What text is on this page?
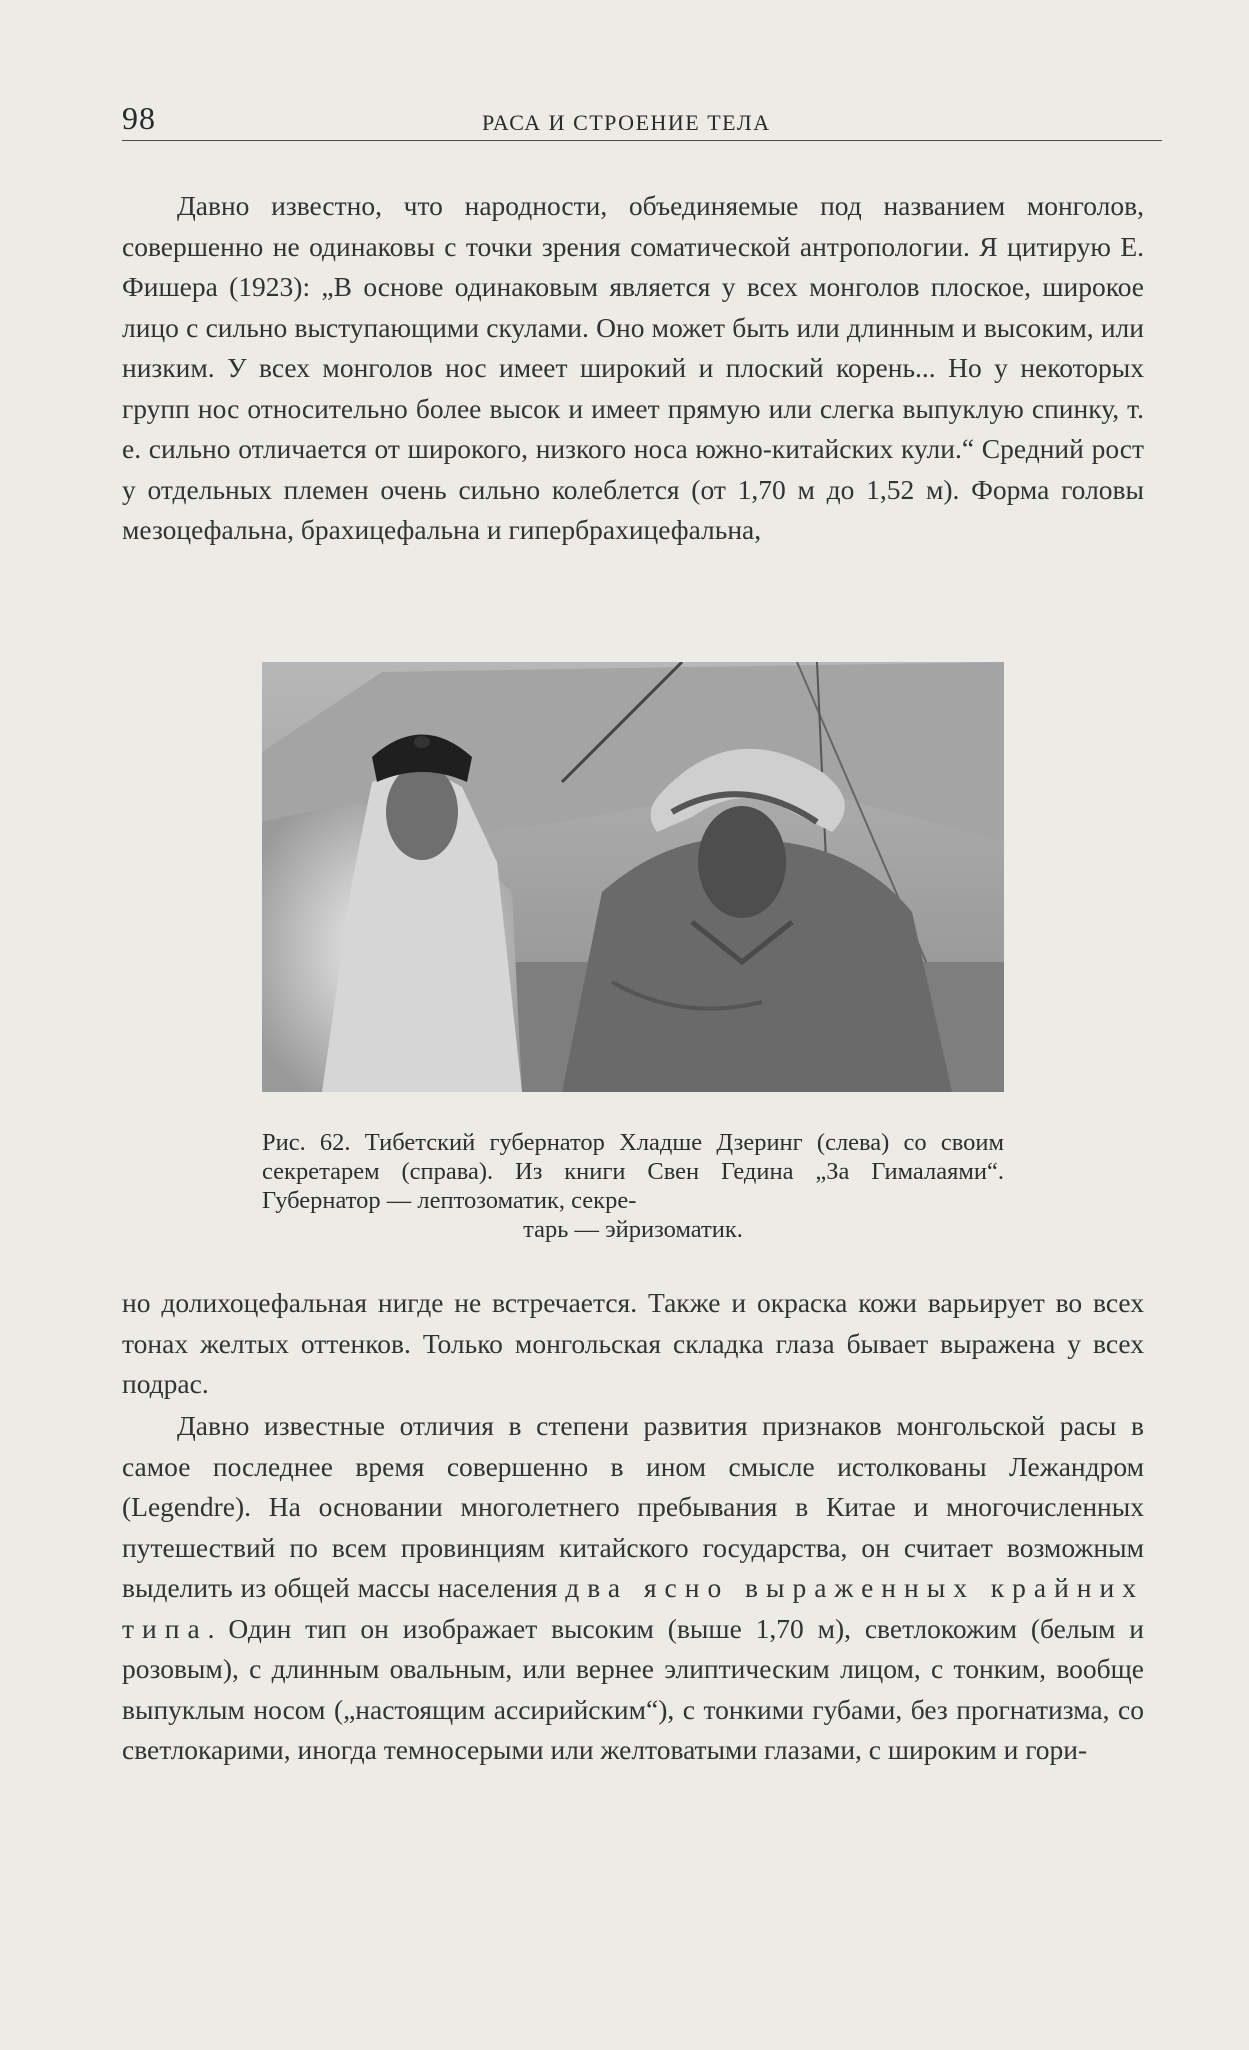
98	РАСА И СТРОЕНИЕ ТЕЛА

Давно известно, что народности, объединяемые под названием монголов, совершенно не одинаковы с точки зрения соматической антропологии. Я цитирую Е. Фишера (1923): „В основе одинаковым является у всех монголов плоское, широкое лицо с сильно выступающими скулами. Оно может быть или длинным и высоким, или низким. У всех монголов нос имеет широкий и плоский корень... Но у некоторых групп нос относительно более высок и имеет прямую или слегка выпуклую спинку, т. е. сильно отличается от широкого, низкого носа южно-китайских кули.“ Средний рост у отдельных племен очень сильно колеблется (от 1,70 м до 1,52 м). Форма головы мезоцефальна, брахицефальна и гипербрахицефальна,

Рис. 62. Тибетский губернатор Хладше Дзеринг (слева) со своим секретарем (справа). Из книги Свен Гедина „За Гималаями“. Губернатор — лептозоматик, секре-
тарь — эйризоматик.

но долихоцефальная нигде не встречается. Также и окраска кожи варьирует во всех тонах желтых оттенков. Только монгольская складка глаза бывает выражена у всех подрас.

Давно известные отличия в степени развития признаков монгольской расы в самое последнее время совершенно в ином смысле истолкованы Лежандром (Legendre). На основании многолетнего пребывания в Китае и многочисленных путешествий по всем провинциям китайского государства, он считает возможным выделить из общей массы населения два ясно выраженных крайних типа. Один тип он изображает высоким (выше 1,70 м), светлокожим (белым и розовым), с длинным овальным, или вернее элиптическим лицом, с тонким, вообще выпуклым носом („настоящим ассирийским“), с тонкими губами, без прогнатизма, со светлокарими, иногда темносерыми или желтоватыми глазами, с широким и гори-
